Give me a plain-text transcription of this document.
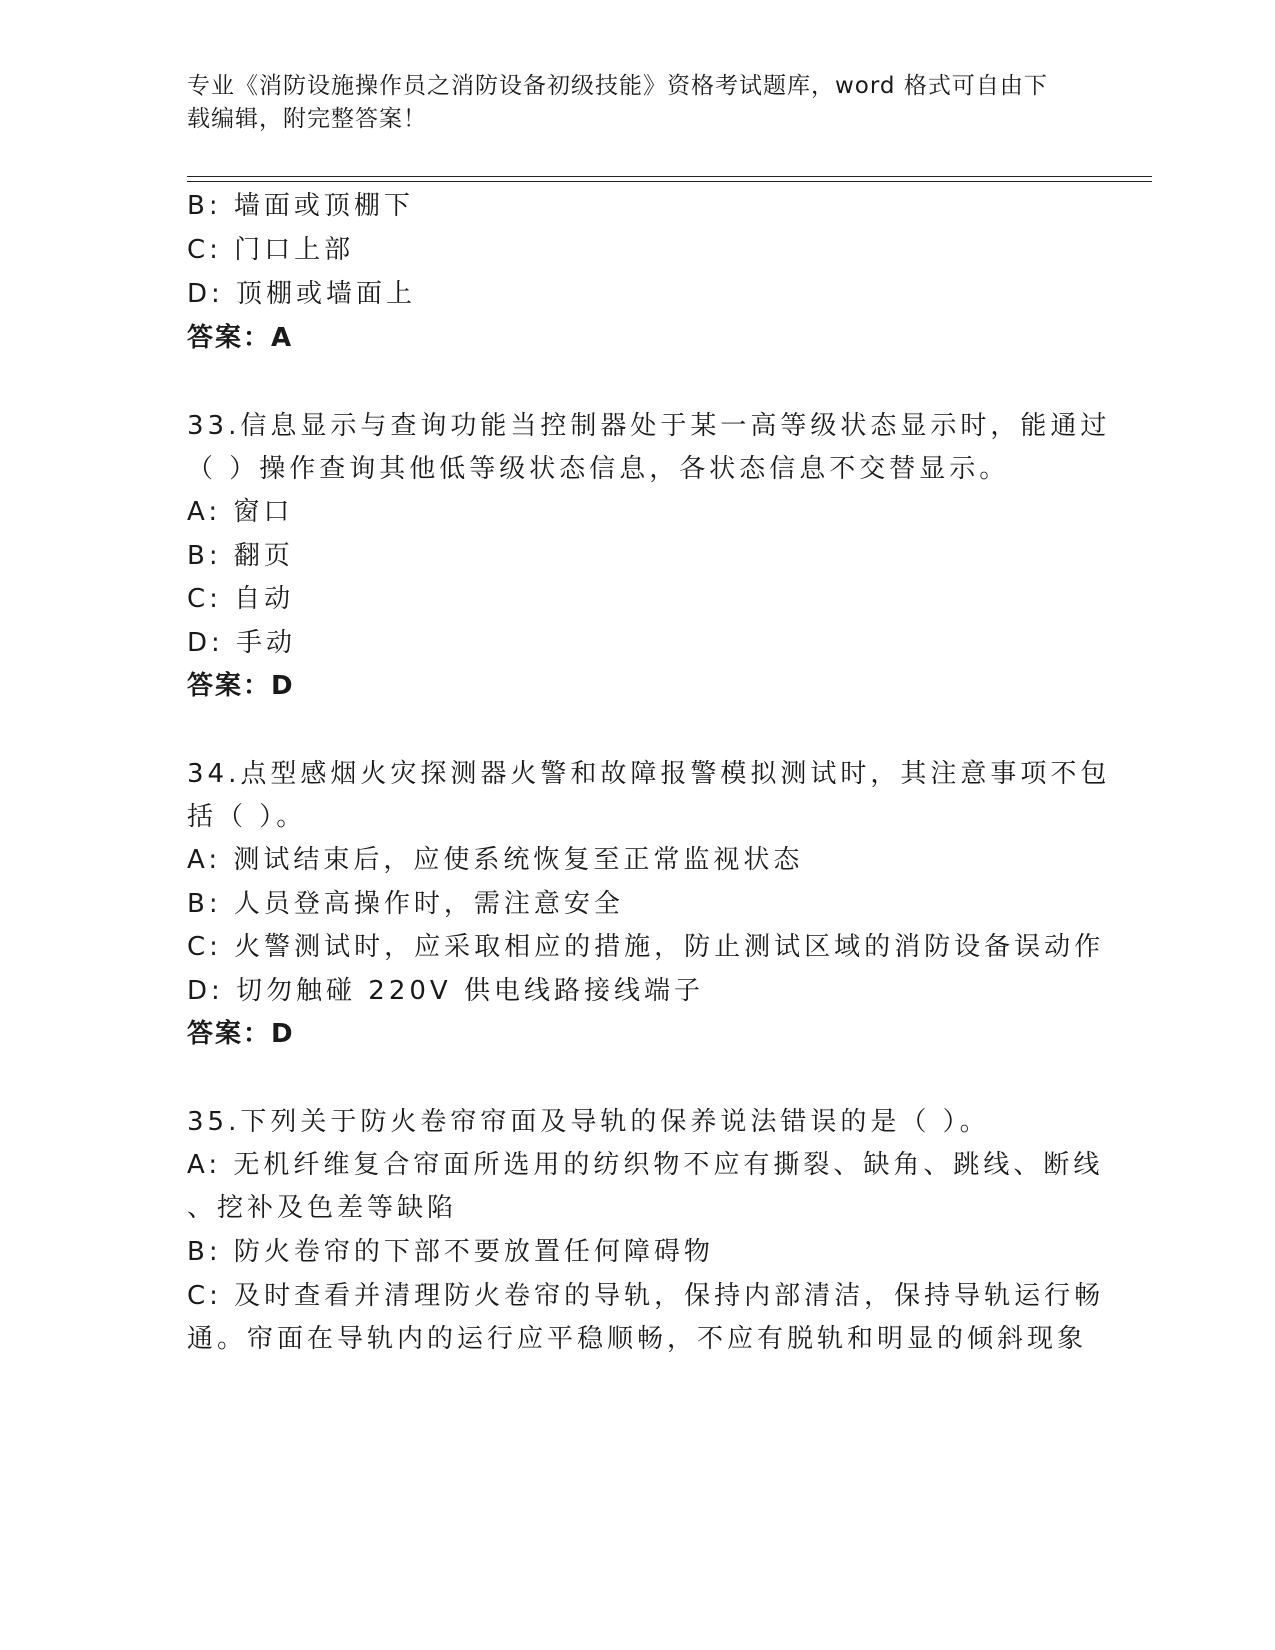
专业《消防设施操作员之消防设备初级技能》资格考试题库，word 格式可自由下载编辑，附完整答案！
B: 墙面或顶棚下
C: 门口上部
D: 顶棚或墙面上
答案：A
33.信息显示与查询功能当控制器处于某一高等级状态显示时，能通过
（ ）操作查询其他低等级状态信息，各状态信息不交替显示。
A: 窗口
B: 翻页
C: 自动
D: 手动
答案：D
34.点型感烟火灾探测器火警和故障报警模拟测试时，其注意事项不包
括（ ）。
A: 测试结束后，应使系统恢复至正常监视状态
B: 人员登高操作时，需注意安全
C: 火警测试时，应采取相应的措施，防止测试区域的消防设备误动作
D: 切勿触碰 220V 供电线路接线端子
答案：D
35.下列关于防火卷帘帘面及导轨的保养说法错误的是（ ）。
A: 无机纤维复合帘面所选用的纺织物不应有撕裂、缺角、跳线、断线
、挖补及色差等缺陷
B: 防火卷帘的下部不要放置任何障碍物
C: 及时查看并清理防火卷帘的导轨，保持内部清洁，保持导轨运行畅
通。帘面在导轨内的运行应平稳顺畅，不应有脱轨和明显的倾斜现象
